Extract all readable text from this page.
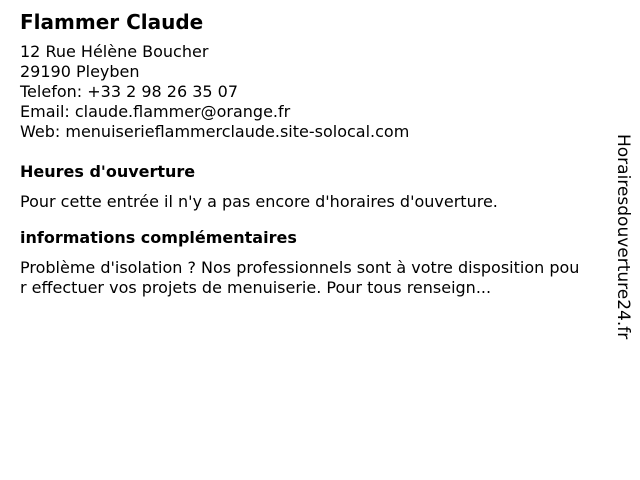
Flammer Claude
12 Rue Hélène Boucher
29190 Pleyben
Telefon: +33 2 98 26 35 07
Email: claude.flammer@orange.fr
Web: menuiserieflammerclaude.site-solocal.com
Heures d'ouverture
Pour cette entrée il n'y a pas encore d'horaires d'ouverture.
informations complémentaires
Problème d'isolation ? Nos professionnels sont à votre disposition pour effectuer vos projets de menuiserie. Pour tous renseign...	Horairesdouverture24.fr
